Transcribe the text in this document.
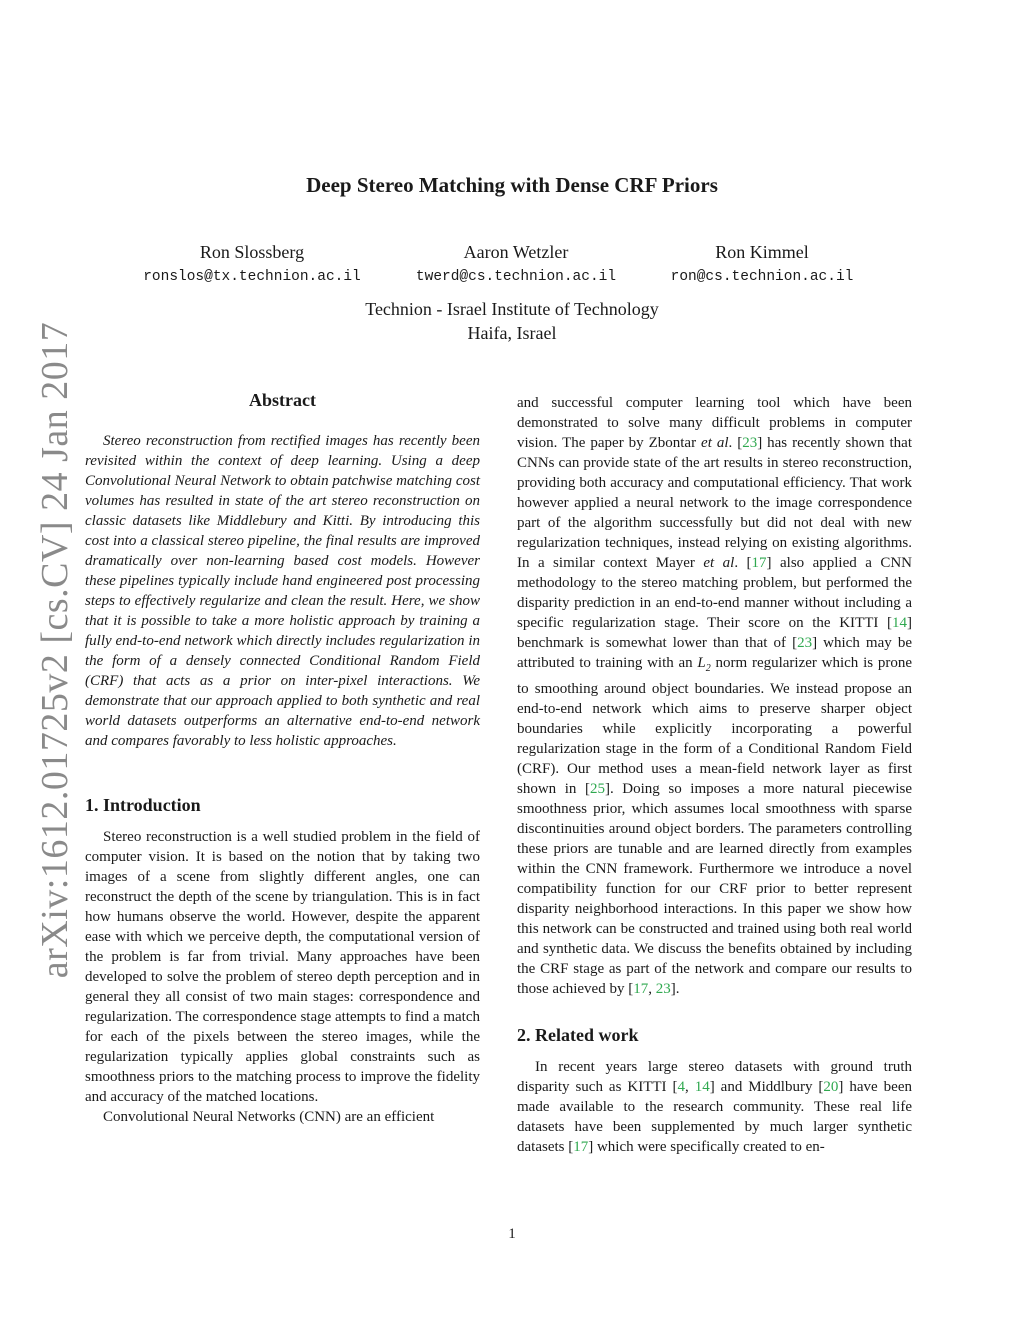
arXiv:1612.01725v2 [cs.CV] 24 Jan 2017
Deep Stereo Matching with Dense CRF Priors
Ron Slossberg
ronslos@tx.technion.ac.il
Aaron Wetzler
twerd@cs.technion.ac.il
Ron Kimmel
ron@cs.technion.ac.il
Technion - Israel Institute of Technology
Haifa, Israel
Abstract

Stereo reconstruction from rectified images has recently been revisited within the context of deep learning. Using a deep Convolutional Neural Network to obtain patchwise matching cost volumes has resulted in state of the art stereo reconstruction on classic datasets like Middlebury and Kitti. By introducing this cost into a classical stereo pipeline, the final results are improved dramatically over non-learning based cost models. However these pipelines typically include hand engineered post processing steps to effectively regularize and clean the result. Here, we show that it is possible to take a more holistic approach by training a fully end-to-end network which directly includes regularization in the form of a densely connected Conditional Random Field (CRF) that acts as a prior on inter-pixel interactions. We demonstrate that our approach applied to both synthetic and real world datasets outperforms an alternative end-to-end network and compares favorably to less holistic approaches.

1. Introduction

Stereo reconstruction is a well studied problem in the field of computer vision. It is based on the notion that by taking two images of a scene from slightly different angles, one can reconstruct the depth of the scene by triangulation. This is in fact how humans observe the world. However, despite the apparent ease with which we perceive depth, the computational version of the problem is far from trivial. Many approaches have been developed to solve the problem of stereo depth perception and in general they all consist of two main stages: correspondence and regularization. The correspondence stage attempts to find a match for each of the pixels between the stereo images, while the regularization typically applies global constraints such as smoothness priors to the matching process to improve the fidelity and accuracy of the matched locations.

Convolutional Neural Networks (CNN) are an efficient

and successful computer learning tool which have been demonstrated to solve many difficult problems in computer vision. The paper by Zbontar et al. [23] has recently shown that CNNs can provide state of the art results in stereo reconstruction, providing both accuracy and computational efficiency. That work however applied a neural network to the image correspondence part of the algorithm successfully but did not deal with new regularization techniques, instead relying on existing algorithms. In a similar context Mayer et al. [17] also applied a CNN methodology to the stereo matching problem, but performed the disparity prediction in an end-to-end manner without including a specific regularization stage. Their score on the KITTI [14] benchmark is somewhat lower than that of [23] which may be attributed to training with an $L_2$ norm regularizer which is prone to smoothing around object boundaries. We instead propose an end-to-end network which aims to preserve sharper object boundaries while explicitly incorporating a powerful regularization stage in the form of a Conditional Random Field (CRF). Our method uses a mean-field network layer as first shown in [25]. Doing so imposes a more natural piecewise smoothness prior, which assumes local smoothness with sparse discontinuities around object borders. The parameters controlling these priors are tunable and are learned directly from examples within the CNN framework. Furthermore we introduce a novel compatibility function for our CRF prior to better represent disparity neighborhood interactions. In this paper we show how this network can be constructed and trained using both real world and synthetic data. We discuss the benefits obtained by including the CRF stage as part of the network and compare our results to those achieved by [17, 23].

2. Related work

In recent years large stereo datasets with ground truth disparity such as KITTI [4, 14] and Middlbury [20] have been made available to the research community. These real life datasets have been supplemented by much larger synthetic datasets [17] which were specifically created to en-

1
